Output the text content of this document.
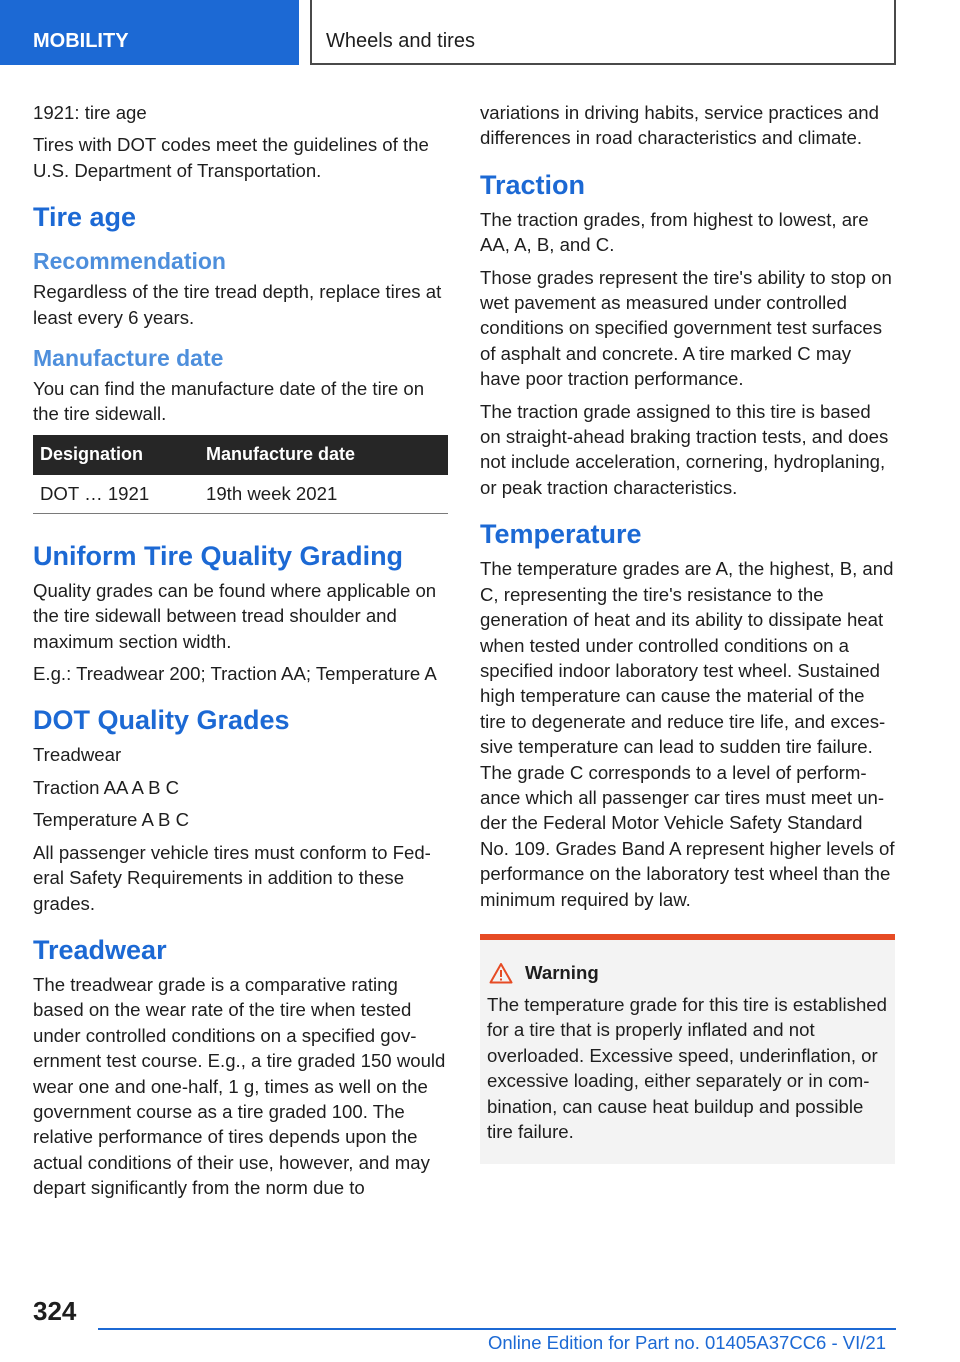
MOBILITY	Wheels and tires

1921: tire age

Tires with DOT codes meet the guidelines of the U.S. Department of Transportation.

Tire age
Recommendation

Regardless of the tire tread depth, replace tires at least every 6 years.

Manufacture date

You can find the manufacture date of the tire on the tire sidewall.

Designation	Manufacture date
DOT … 1921	19th week 2021
Uniform Tire Quality Grading

Quality grades can be found where applicable on the tire sidewall between tread shoulder and maximum section width.

E.g.: Treadwear 200; Traction AA; Temperature A

DOT Quality Grades

Treadwear

Traction AA A B C

Temperature A B C

All passenger vehicle tires must conform to Federal Safety Requirements in addition to these grades.

Treadwear

The treadwear grade is a comparative rating based on the wear rate of the tire when tested under controlled conditions on a specified government test course. E.g., a tire graded 150 would wear one and one-half, 1 g, times as well on the government course as a tire graded 100. The relative performance of tires depends upon the actual conditions of their use, however, and may depart significantly from the norm due to

variations in driving habits, service practices and differences in road characteristics and climate.

Traction

The traction grades, from highest to lowest, are AA, A, B, and C.

Those grades represent the tire's ability to stop on wet pavement as measured under controlled conditions on specified government test surfaces of asphalt and concrete. A tire marked C may have poor traction performance.

The traction grade assigned to this tire is based on straight-ahead braking traction tests, and does not include acceleration, cornering, hydroplaning, or peak traction characteristics.

Temperature

The temperature grades are A, the highest, B, and C, representing the tire's resistance to the generation of heat and its ability to dissipate heat when tested under controlled conditions on a specified indoor laboratory test wheel. Sustained high temperature can cause the material of the tire to degenerate and reduce tire life, and excessive temperature can lead to sudden tire failure. The grade C corresponds to a level of performance which all passenger car tires must meet under the Federal Motor Vehicle Safety Standard No. 109. Grades Band A represent higher levels of performance on the laboratory test wheel than the minimum required by law.

Warning

The temperature grade for this tire is established for a tire that is properly inflated and not overloaded. Excessive speed, underinflation, or excessive loading, either separately or in combination, can cause heat buildup and possible tire failure.

324
Online Edition for Part no. 01405A37CC6 - VI/21
